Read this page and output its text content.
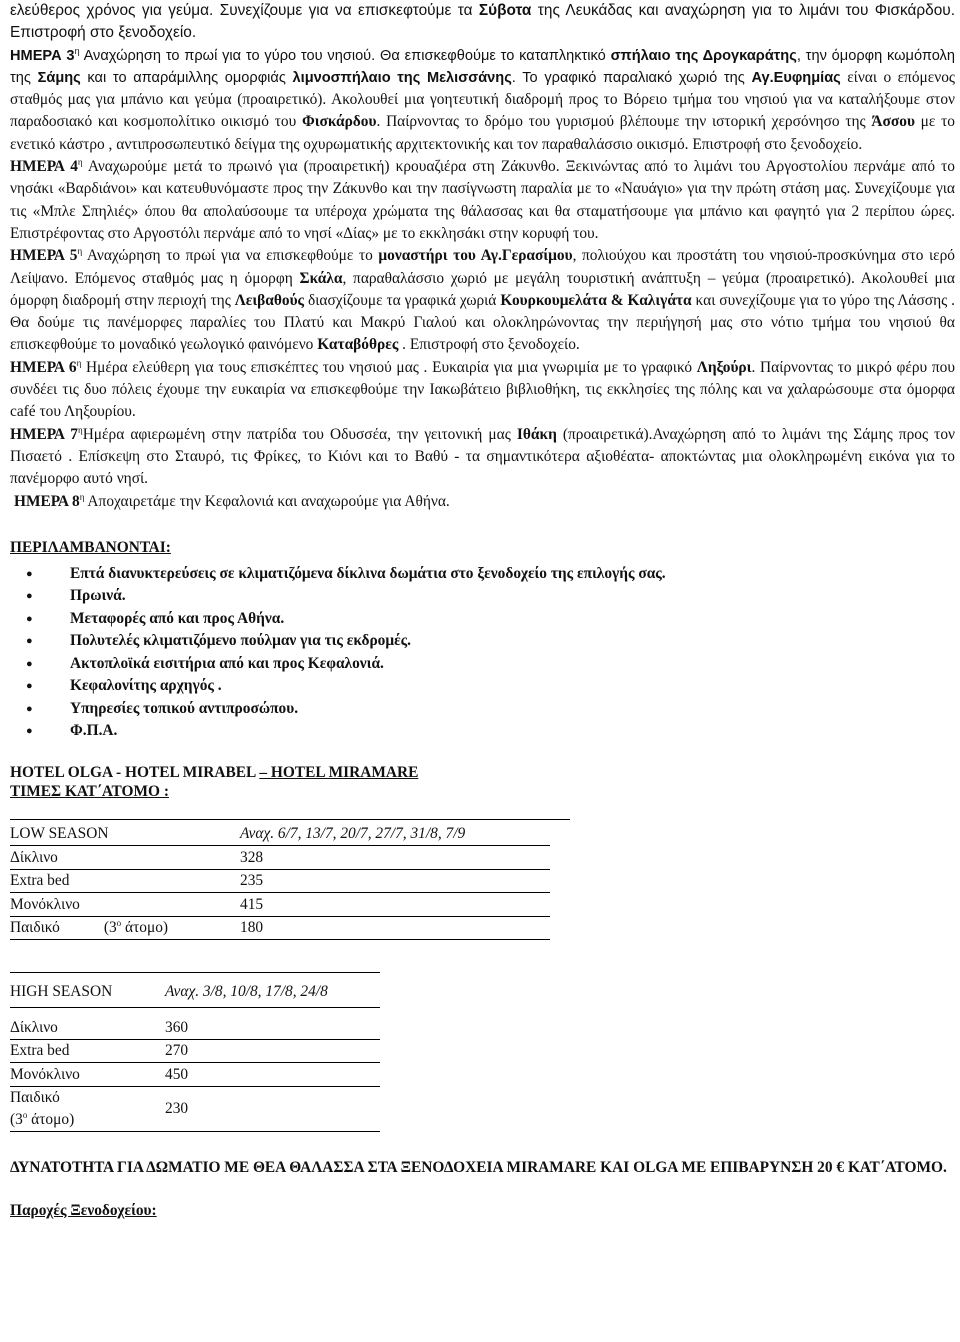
ελεύθερος χρόνος για γεύμα. Συνεχίζουμε για να επισκεφτούμε τα Σύβοτα της Λευκάδας και αναχώρηση για το λιμάνι του Φισκάρδου. Επιστροφή στο ξενοδοχείο.

ΗΜΕΡΑ $3^\eta$ Αναχώρηση το πρωί για το γύρο του νησιού. Θα επισκεφθούμε το καταπληκτικό σπήλαιο της Δρογκαράτης, την όμορφη κωμόπολη της Σάμης και το απαράμιλλης ομορφιάς λιμνοσπήλαιο της Μελισσάνης. Το γραφικό παραλιακό χωριό της Αγ.Ευφημίας είναι ο επόμενος σταθμός μας για μπάνιο και γεύμα (προαιρετικό). Ακολουθεί μια γοητευτική διαδρομή προς το Βόρειο τμήμα του νησιού για να καταλήξουμε στον παραδοσιακό και κοσμοπολίτικο οικισμό του Φισκάρδου. Παίρνοντας το δρόμο του γυρισμού βλέπουμε την ιστορική χερσόνησο της Άσσου με το ενετικό κάστρο , αντιπροσωπευτικό δείγμα της οχυρωματικής αρχιτεκτονικής και τον παραθαλάσσιο οικισμό. Επιστροφή στο ξενοδοχείο.

ΗΜΕΡΑ $4^\eta$ Αναχωρούμε μετά το πρωινό για (προαιρετική) κρουαζιέρα στη Ζάκυνθο. Ξεκινώντας από το λιμάνι του Αργοστολίου περνάμε από το νησάκι «Βαρδιάνοι» και κατευθυνόμαστε προς την Ζάκυνθο και την πασίγνωστη παραλία με το «Ναυάγιο» για την πρώτη στάση μας. Συνεχίζουμε για τις «Μπλε Σπηλιές» όπου θα απολαύσουμε τα υπέροχα χρώματα της θάλασσας και θα σταματήσουμε για μπάνιο και φαγητό για 2 περίπου ώρες. Επιστρέφοντας στο Αργοστόλι περνάμε από το νησί «Δίας» με το εκκλησάκι στην κορυφή του.

ΗΜΕΡΑ $5^\eta$ Αναχώρηση το πρωί για να επισκεφθούμε το μοναστήρι του Αγ.Γερασίμου, πολιούχου και προστάτη του νησιού-προσκύνημα στο ιερό Λείψανο. Επόμενος σταθμός μας η όμορφη Σκάλα, παραθαλάσσιο χωριό με μεγάλη τουριστική ανάπτυξη – γεύμα (προαιρετικό). Ακολουθεί μια όμορφη διαδρομή στην περιοχή της Λειβαθούς διασχίζουμε τα γραφικά χωριά Κουρκουμελάτα & Καλιγάτα και συνεχίζουμε για το γύρο της Λάσσης . Θα δούμε τις πανέμορφες παραλίες του Πλατύ και Μακρύ Γιαλού και ολοκληρώνοντας την περιήγησή μας στο νότιο τμήμα του νησιού θα επισκεφθούμε το μοναδικό γεωλογικό φαινόμενο Καταβόθρες . Επιστροφή στο ξενοδοχείο.

ΗΜΕΡΑ $6^\eta$ Ημέρα ελεύθερη για τους επισκέπτες του νησιού μας . Ευκαιρία για μια γνωριμία με το γραφικό Ληξούρι. Παίρνοντας το μικρό φέρυ που συνδέει τις δυο πόλεις έχουμε την ευκαιρία να επισκεφθούμε την Ιακωβάτειο βιβλιοθήκη, τις εκκλησίες της πόλης και να χαλαρώσουμε στα όμορφα café του Ληξουρίου.

ΗΜΕΡΑ $7^\eta H\mu έ\rho\alpha$ αφιερωμένη στην πατρίδα του Οδυσσέα, την γειτονική μας Ιθάκη (προαιρετικά).Αναχώρηση από το λιμάνι της Σάμης προς τον Πισαετό . Επίσκεψη στο Σταυρό, τις Φρίκες, το Κιόνι και το Βαθύ - τα σημαντικότερα αξιοθέατα- αποκτώντας μια ολοκληρωμένη εικόνα για το πανέμορφο αυτό νησί.

ΗΜΕΡΑ $8^\eta$ Αποχαιρετάμε την Κεφαλονιά και αναχωρούμε για Αθήνα.

ΠΕΡΙΛΑΜΒΑΝΟΝΤΑΙ:

● Επτά διανυκτερεύσεις σε κλιματιζόμενα δίκλινα δωμάτια στο ξενοδοχείο της επιλογής σας.
● Πρωινά.
● Μεταφορές από και προς Αθήνα.
● Πολυτελές κλιματιζόμενο πούλμαν για τις εκδρομές.
● Ακτοπλοϊκά εισιτήρια από και προς Κεφαλονιά.
● Κεφαλονίτης αρχηγός .
● Υπηρεσίες τοπικού αντιπροσώπου.
● Φ.Π.Α.

HOTEL OLGA - HOTEL MIRABEL – HOTEL MIRAMARE

ΤΙΜΕΣ ΚΑΤ΄ΑΤΟΜΟ :

LOW SEASON	Αναχ. 6/7, 13/7, 20/7, 27/7, 31/8, 7/9
Δίκλινο	328
Extra bed	235
Μονόκλινο	415
Παιδικό ($3^o$ άτομο)	180
HIGH SEASON	Αναχ. 3/8, 10/8, 17/8, 24/8

Δίκλινο	360
Extra bed	270
Μονόκλινο	450
Παιδικό
($3^o$ άτομο)	230

ΔΥΝΑΤΟΤΗΤΑ ΓΙΑ ΔΩΜΑΤΙΟ ΜΕ ΘΕΑ ΘΑΛΑΣΣΑ ΣΤΑ ΞΕΝΟΔΟΧΕΙΑ MIRAMARE ΚΑΙ OLGA ΜΕ ΕΠΙΒΑΡΥΝΣΗ 20 € ΚΑΤ΄ΑΤΟΜΟ.

Παροχές Ξενοδοχείου:
